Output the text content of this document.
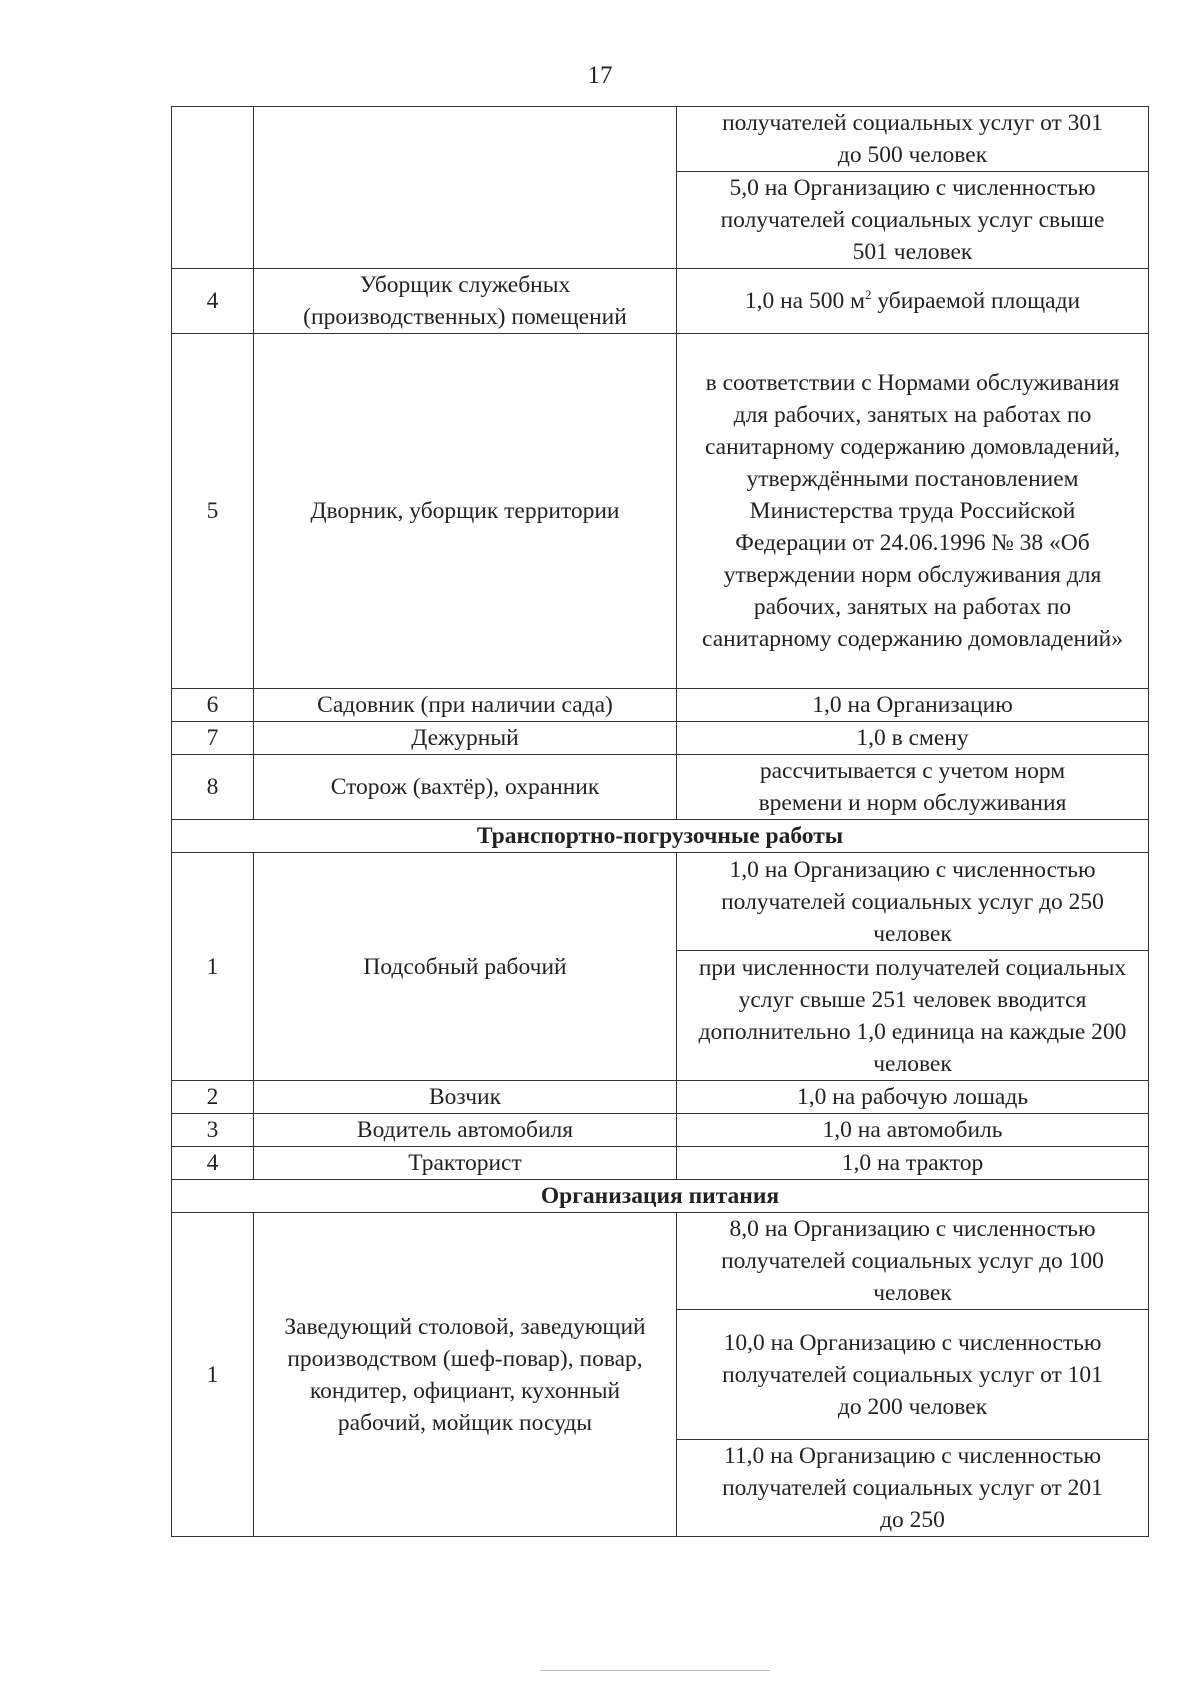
17
		получателей социальных услуг от 301 до 500 человек
		5,0 на Организацию с численностью получателей социальных услуг свыше 501 человек
4	Уборщик служебных (производственных) помещений	1,0 на 500 $м^2$ убираемой площади
5	Дворник, уборщик территории	в соответствии с Нормами обслуживания для рабочих, занятых на работах по санитарному содержанию домовладений, утверждёнными постановлением Министерства труда Российской Федерации от 24.06.1996 № 38 «Об утверждении норм обслуживания для рабочих, занятых на работах по санитарному содержанию домовладений»
6	Садовник (при наличии сада)	1,0 на Организацию
7	Дежурный	1,0 в смену
8	Сторож (вахтёр), охранник	рассчитывается с учетом норм времени и норм обслуживания
Транспортно-погрузочные работы		
1	Подсобный рабочий	1,0 на Организацию с численностью получателей социальных услуг до 250 человек
		при численности получателей социальных услуг свыше 251 человек вводится дополнительно 1,0 единица на каждые 200 человек
2	Возчик	1,0 на рабочую лошадь
3	Водитель автомобиля	1,0 на автомобиль
4	Тракторист	1,0 на трактор
Организация питания		
1	Заведующий столовой, заведующий производством (шеф-повар), повар, кондитер, официант, кухонный рабочий, мойщик посуды	8,0 на Организацию с численностью получателей социальных услуг до 100 человек
		10,0 на Организацию с численностью получателей социальных услуг от 101 до 200 человек
		11,0 на Организацию с численностью получателей социальных услуг от 201 до 250
